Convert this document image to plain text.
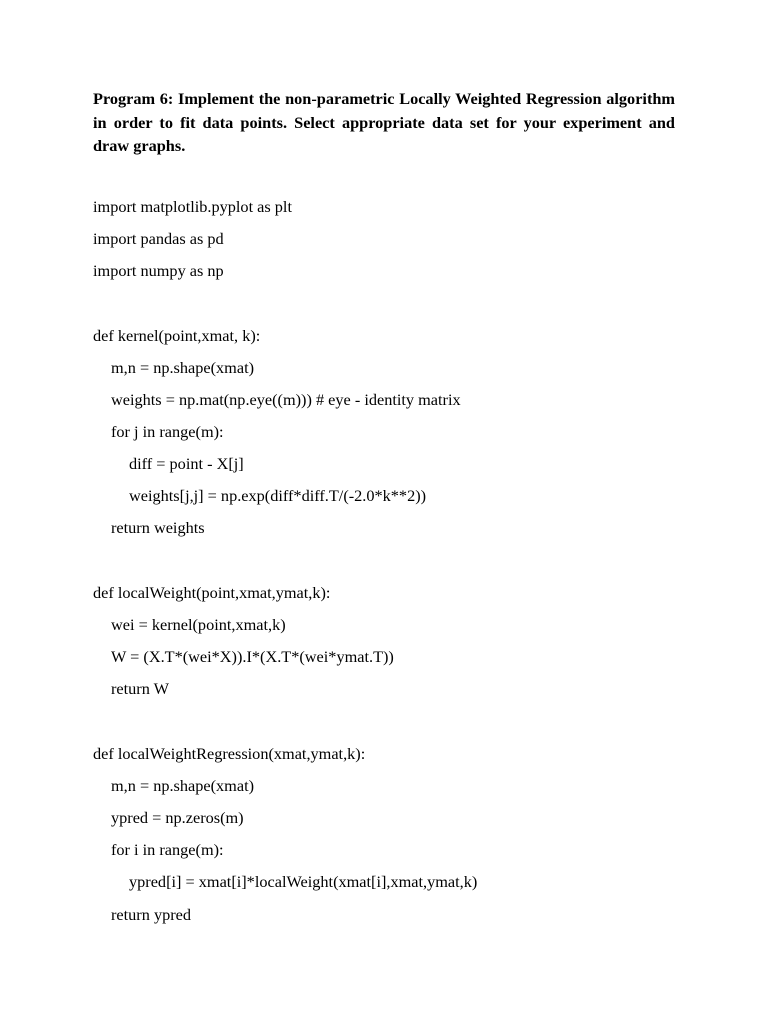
Program 6: Implement the non-parametric Locally Weighted Regression algorithm in order to fit data points. Select appropriate data set for your experiment and draw graphs.

import matplotlib.pyplot as plt

import pandas as pd

import numpy as np

def kernel(point,xmat, k):

m,n = np.shape(xmat)

weights = np.mat(np.eye((m))) # eye - identity matrix

for j in range(m):

diff = point - X[j]

weights[j,j] = np.exp(diff*diff.T/(-2.0*k**2))

return weights

def localWeight(point,xmat,ymat,k):

wei = kernel(point,xmat,k)

W = (X.T*(wei*X)).I*(X.T*(wei*ymat.T))

return W

def localWeightRegression(xmat,ymat,k):

m,n = np.shape(xmat)

ypred = np.zeros(m)

for i in range(m):

ypred[i] = xmat[i]*localWeight(xmat[i],xmat,ymat,k)

return ypred
